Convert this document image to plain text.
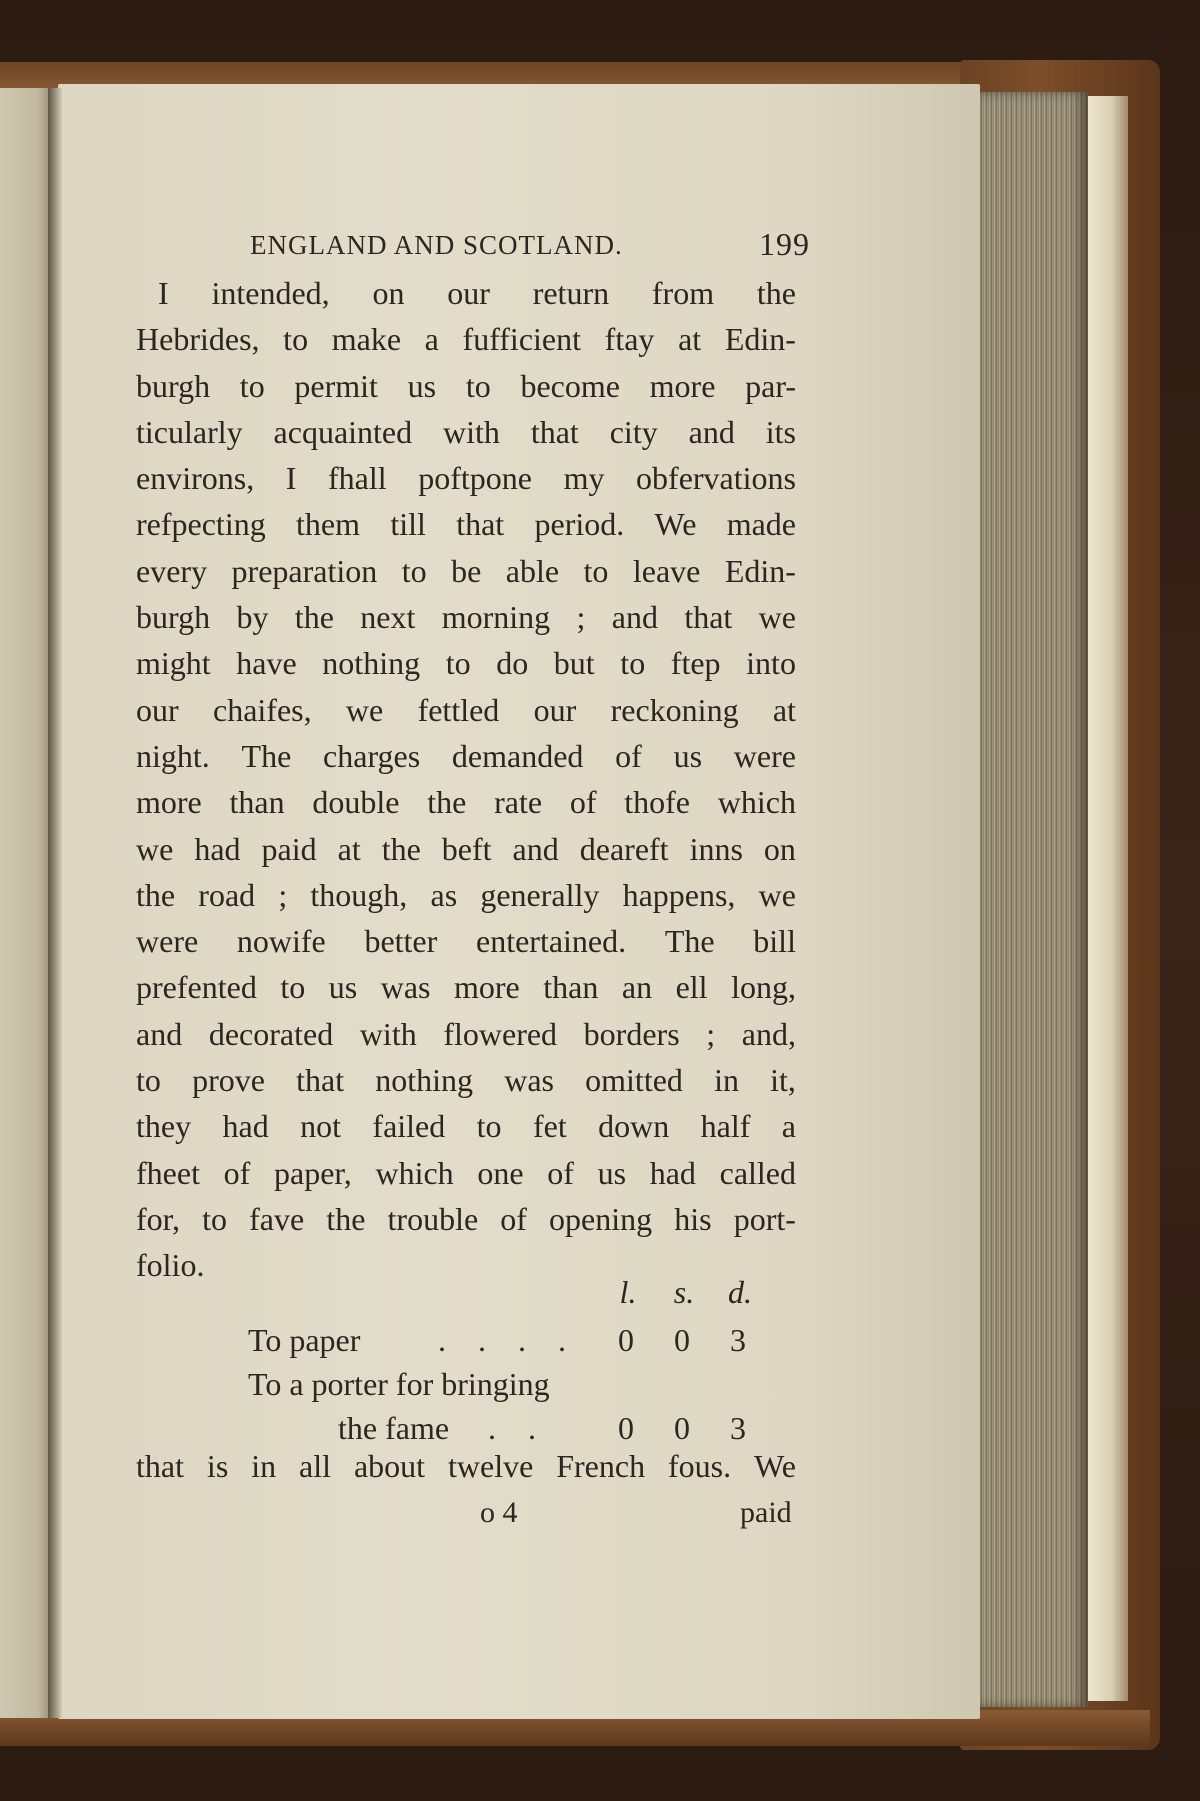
ENGLAND AND SCOTLAND.	199
I intended, on our return from the
Hebrides, to make a fufficient ftay at Edin-
burgh to permit us to become more par-
ticularly acquainted with that city and its
environs, I fhall poftpone my obfervations
refpecting them till that period. We made
every preparation to be able to leave Edin-
burgh by the next morning ; and that we
might have nothing to do but to ftep into
our chaifes, we fettled our reckoning at
night. The charges demanded of us were
more than double the rate of thofe which
we had paid at the beft and deareft inns on
the road ; though, as generally happens, we
were nowife better entertained. The bill
prefented to us was more than an ell long,
and decorated with flowered borders ; and,
to prove that nothing was omitted in it,
they had not failed to fet down half a
fheet of paper, which one of us had called
for, to fave the trouble of opening his port-
folio.
l. s. d.
To paper . . . .	0 0 3
To a porter for bringing
the fame . .	0 0 3
that is in all about twelve French fous. We
o 4	paid
